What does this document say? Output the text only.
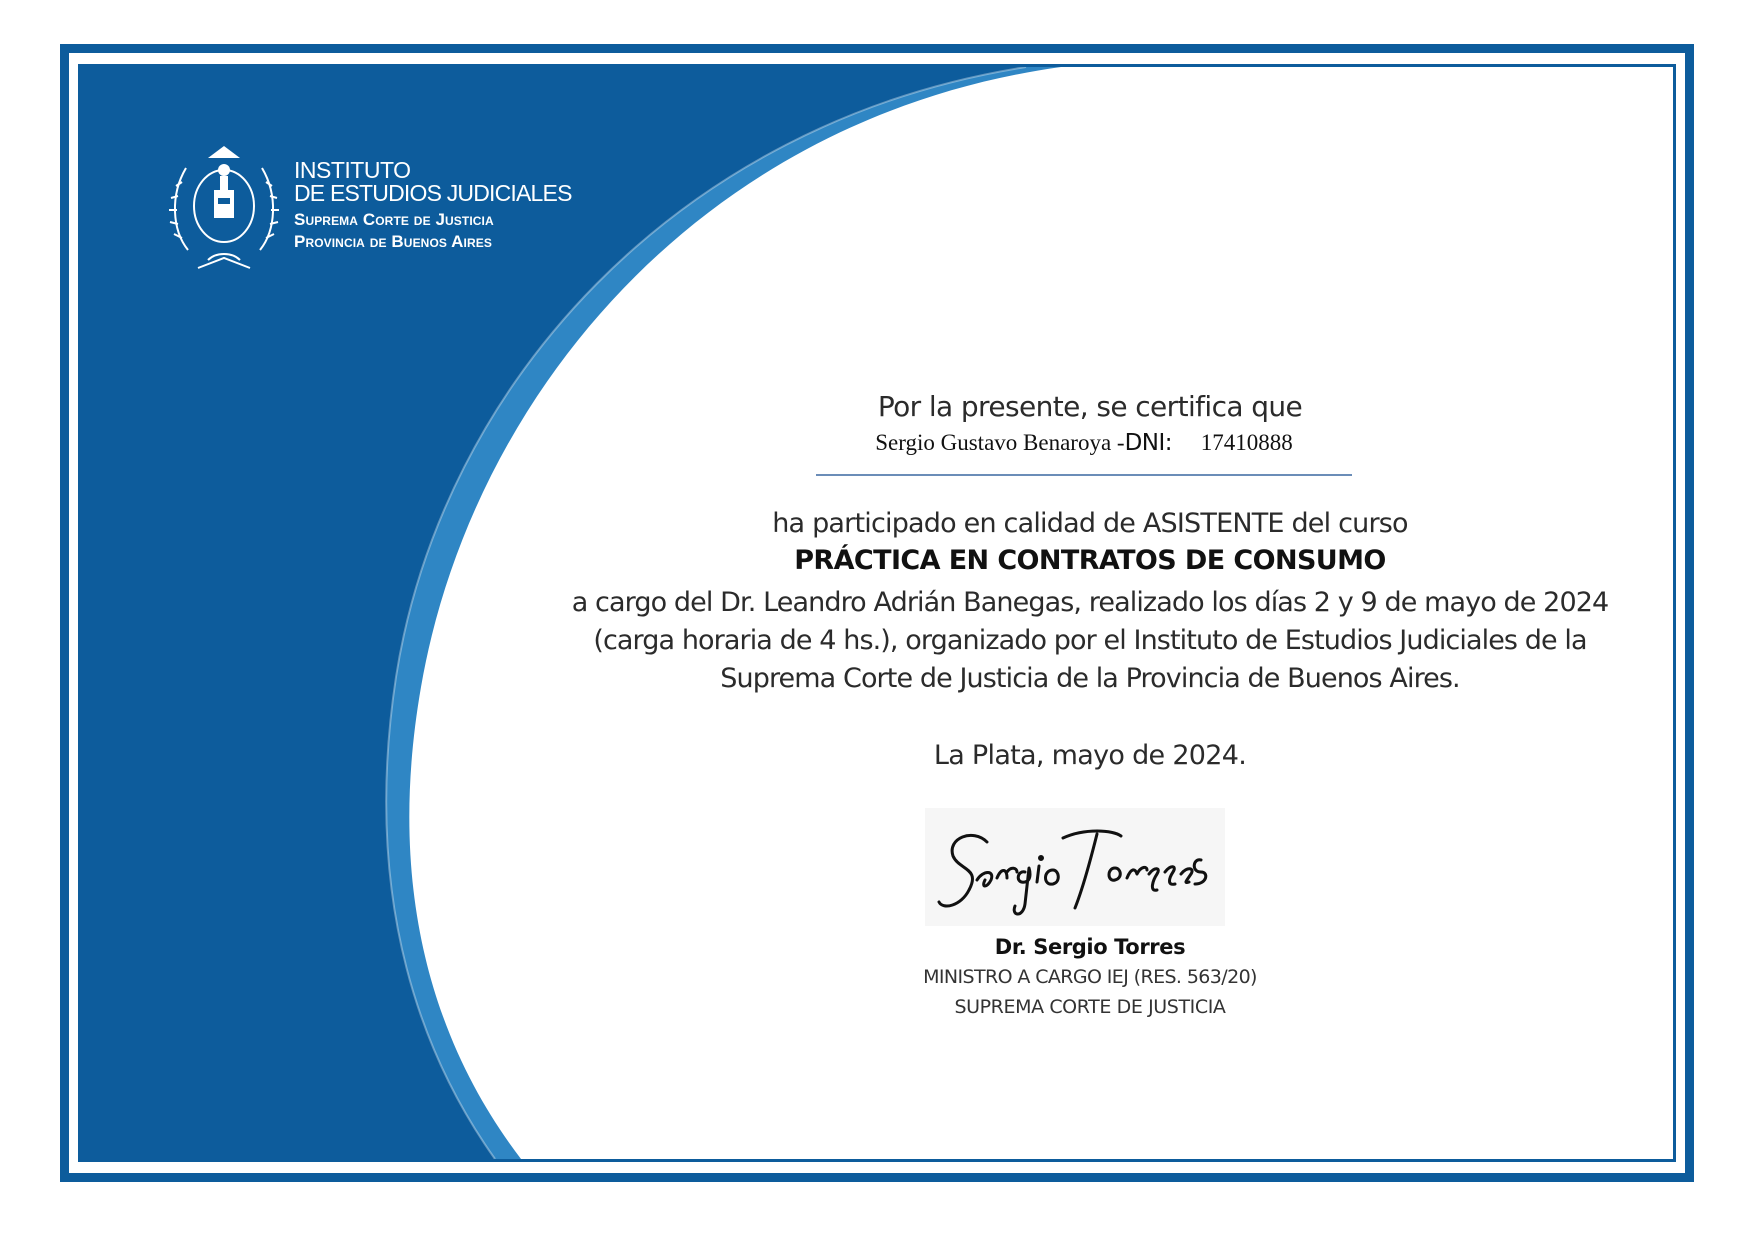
INSTITUTO
DE ESTUDIOS JUDICIALES
Suprema Corte de Justicia
Provincia de Buenos Aires
Por la presente, se certifica que
Sergio Gustavo Benaroya -DNI: 17410888
ha participado en calidad de ASISTENTE del curso
PRÁCTICA EN CONTRATOS DE CONSUMO
a cargo del Dr. Leandro Adrián Banegas, realizado los días 2 y 9 de mayo de 2024
(carga horaria de 4 hs.), organizado por el Instituto de Estudios Judiciales de la
Suprema Corte de Justicia de la Provincia de Buenos Aires.
La Plata, mayo de 2024.
Dr. Sergio Torres
MINISTRO A CARGO IEJ (RES. 563/20)
SUPREMA CORTE DE JUSTICIA
